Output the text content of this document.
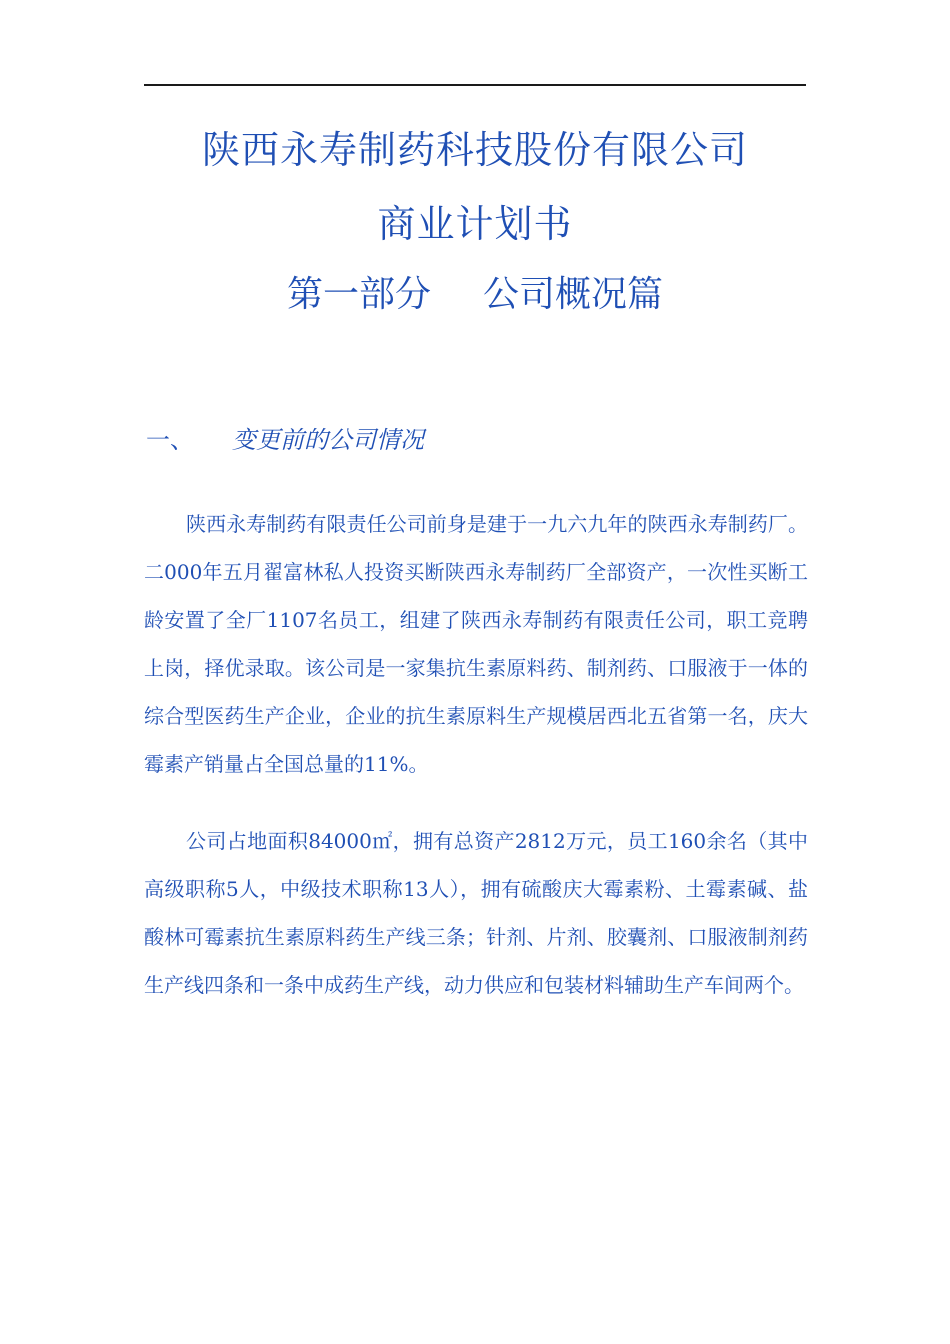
陕西永寿制药科技股份有限公司
商业计划书
第一部分 公司概况篇
一、 变更前的公司情况

陕西永寿制药有限责任公司前身是建于一九六九年的陕西永寿制药厂。二000年五月翟富林私人投资买断陕西永寿制药厂全部资产，一次性买断工龄安置了全厂1107名员工，组建了陕西永寿制药有限责任公司，职工竞聘上岗，择优录取。该公司是一家集抗生素原料药、制剂药、口服液于一体的综合型医药生产企业，企业的抗生素原料生产规模居西北五省第一名，庆大霉素产销量占全国总量的11%。

公司占地面积84000㎡，拥有总资产2812万元，员工160余名（其中高级职称5人，中级技术职称13人），拥有硫酸庆大霉素粉、土霉素碱、盐酸林可霉素抗生素原料药生产线三条；针剂、片剂、胶囊剂、口服液制剂药生产线四条和一条中成药生产线，动力供应和包装材料辅助生产车间两个。
